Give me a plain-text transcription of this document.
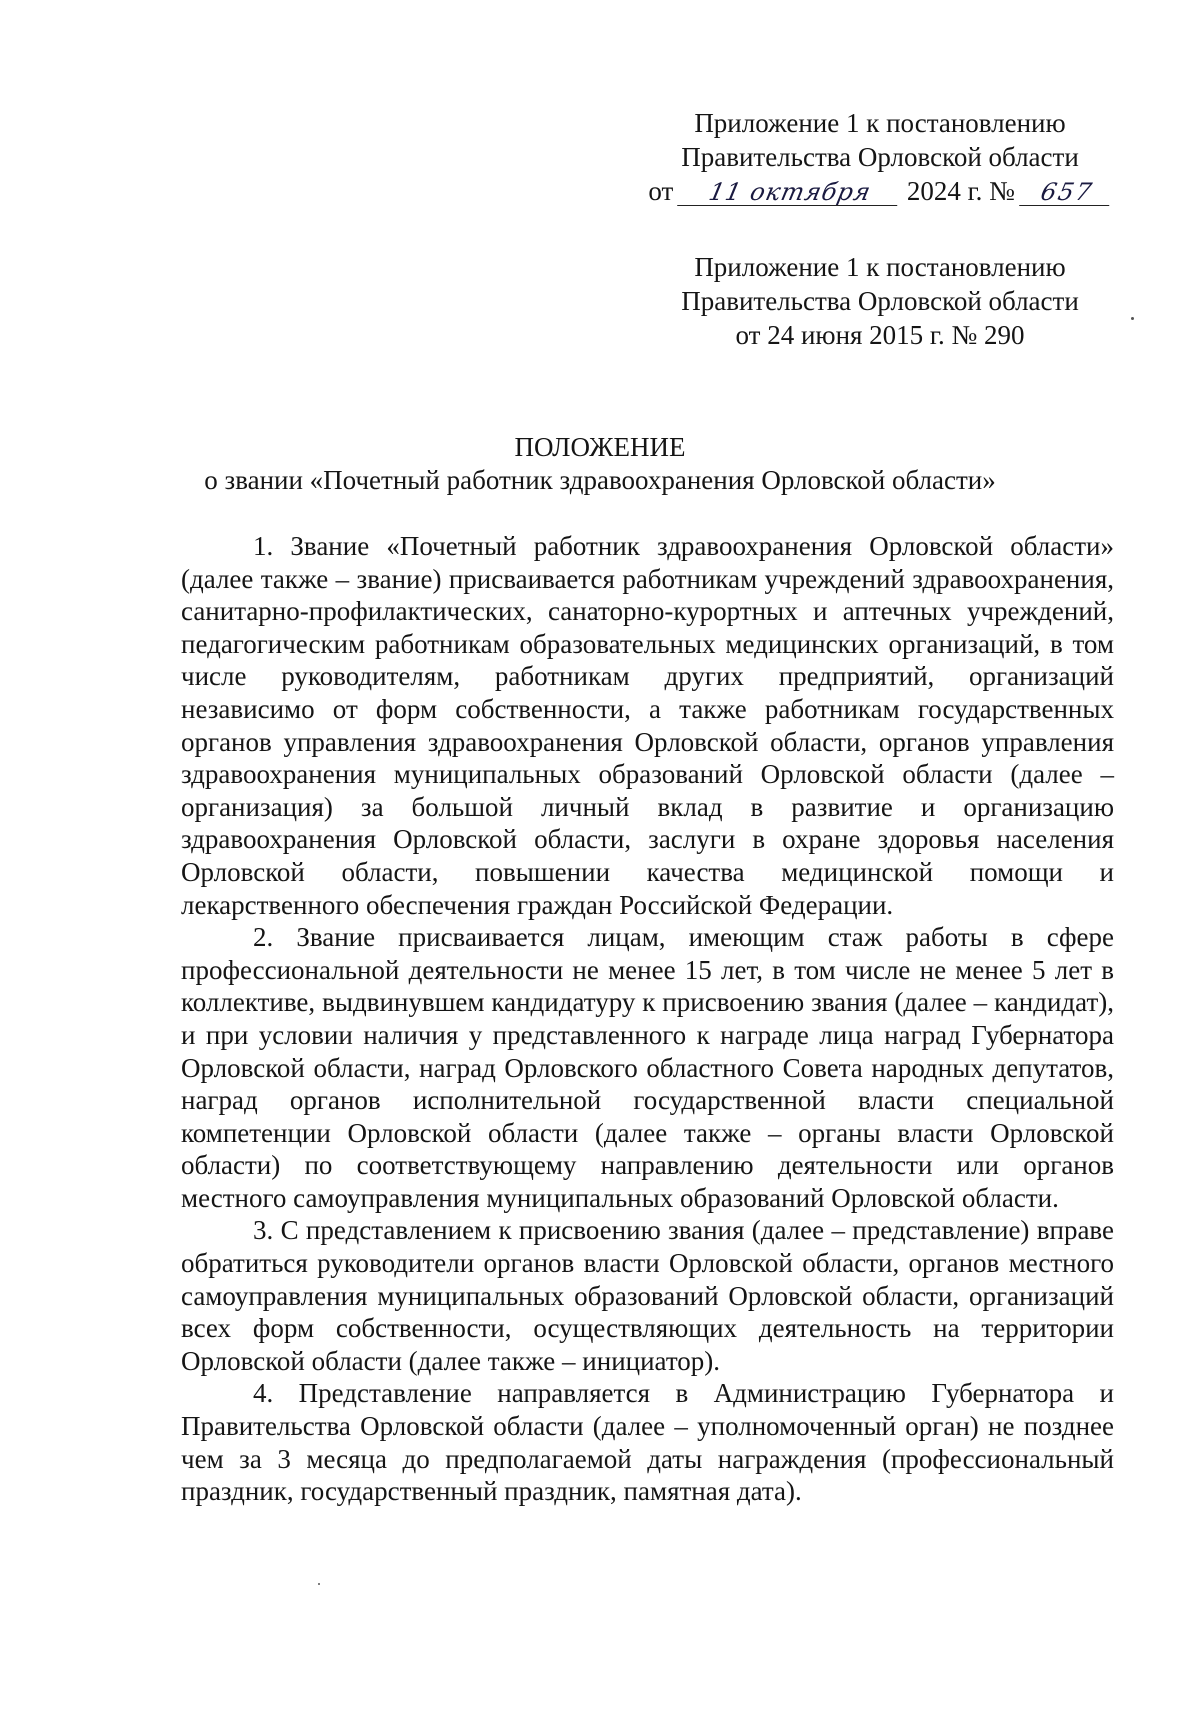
Приложение 1 к постановлению
Правительства Орловской области
от 11 октября 2024 г. № 657
Приложение 1 к постановлению
Правительства Орловской области
от 24 июня 2015 г. № 290
ПОЛОЖЕНИЕ
о звании «Почетный работник здравоохранения Орловской области»

1. Звание «Почетный работник здравоохранения Орловской области» (далее также – звание) присваивается работникам учреждений здравоохранения, санитарно-профилактических, санаторно-курортных и аптечных учреждений, педагогическим работникам образовательных медицинских организаций, в том числе руководителям, работникам других предприятий, организаций независимо от форм собственности, а также работникам государственных органов управления здравоохранения Орловской области, органов управления здравоохранения муниципальных образований Орловской области (далее – организация) за большой личный вклад в развитие и организацию здравоохранения Орловской области, заслуги в охране здоровья населения Орловской области, повышении качества медицинской помощи и лекарственного обеспечения граждан Российской Федерации.

2. Звание присваивается лицам, имеющим стаж работы в сфере профессиональной деятельности не менее 15 лет, в том числе не менее 5 лет в коллективе, выдвинувшем кандидатуру к присвоению звания (далее – кандидат), и при условии наличия у представленного к награде лица наград Губернатора Орловской области, наград Орловского областного Совета народных депутатов, наград органов исполнительной государственной власти специальной компетенции Орловской области (далее также – органы власти Орловской области) по соответствующему направлению деятельности или органов местного самоуправления муниципальных образований Орловской области.

3. С представлением к присвоению звания (далее – представление) вправе обратиться руководители органов власти Орловской области, органов местного самоуправления муниципальных образований Орловской области, организаций всех форм собственности, осуществляющих деятельность на территории Орловской области (далее также – инициатор).

4. Представление направляется в Администрацию Губернатора и Правительства Орловской области (далее – уполномоченный орган) не позднее чем за 3 месяца до предполагаемой даты награждения (профессиональный праздник, государственный праздник, памятная дата).
